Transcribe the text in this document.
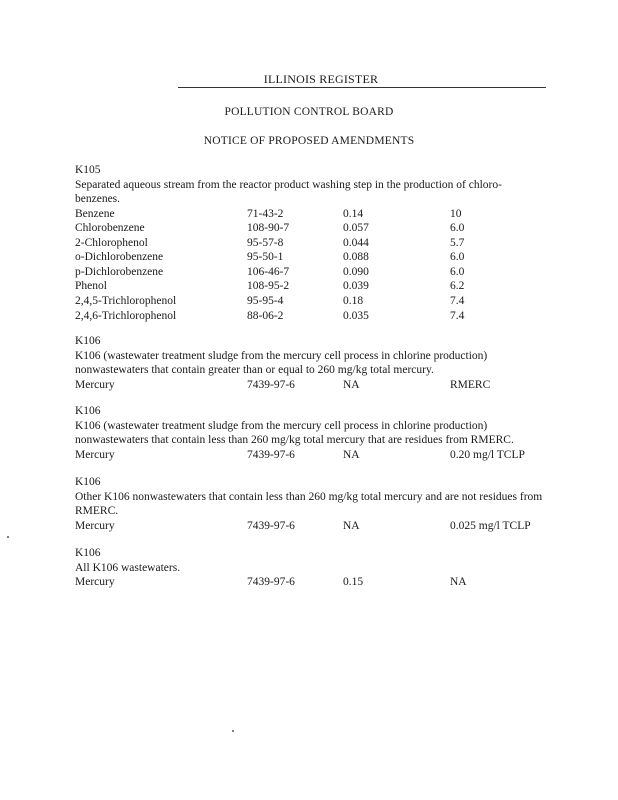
ILLINOIS REGISTER
POLLUTION CONTROL BOARD
NOTICE OF PROPOSED AMENDMENTS
K105
Separated aqueous stream from the reactor product washing step in the production of chloro-benzenes.
Benzene	71-43-2	0.14	10
Chlorobenzene	108-90-7	0.057	6.0
2-Chlorophenol	95-57-8	0.044	5.7
o-Dichlorobenzene	95-50-1	0.088	6.0
p-Dichlorobenzene	106-46-7	0.090	6.0
Phenol	108-95-2	0.039	6.2
2,4,5-Trichlorophenol	95-95-4	0.18	7.4
2,4,6-Trichlorophenol	88-06-2	0.035	7.4
K106
K106 (wastewater treatment sludge from the mercury cell process in chlorine production) nonwastewaters that contain greater than or equal to 260 mg/kg total mercury.
Mercury	7439-97-6	NA	RMERC
K106
K106 (wastewater treatment sludge from the mercury cell process in chlorine production) nonwastewaters that contain less than 260 mg/kg total mercury that are residues from RMERC.
Mercury	7439-97-6	NA	0.20 mg/l TCLP
K106
Other K106 nonwastewaters that contain less than 260 mg/kg total mercury and are not residues from RMERC.
Mercury	7439-97-6	NA	0.025 mg/l TCLP
K106
All K106 wastewaters.
Mercury	7439-97-6	0.15	NA
